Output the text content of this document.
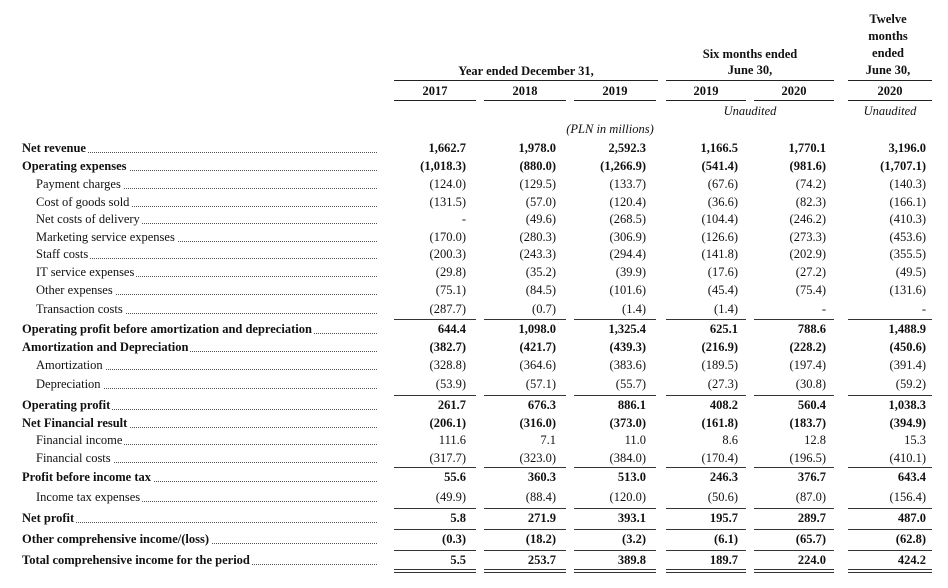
Year ended December 31,
Six months ended
June 30,
Twelve
months
ended
June 30,
2017	2018	2019	2019	2020	2020
Unaudited	Unaudited
(PLN in millions)
Net revenue	1,662.7	1,978.0	2,592.3	1,166.5	1,770.1	3,196.0
Operating expenses	(1,018.3)	(880.0)	(1,266.9)	(541.4)	(981.6)	(1,707.1)
Payment charges	(124.0)	(129.5)	(133.7)	(67.6)	(74.2)	(140.3)
Cost of goods sold	(131.5)	(57.0)	(120.4)	(36.6)	(82.3)	(166.1)
Net costs of delivery	-	(49.6)	(268.5)	(104.4)	(246.2)	(410.3)
Marketing service expenses	(170.0)	(280.3)	(306.9)	(126.6)	(273.3)	(453.6)
Staff costs	(200.3)	(243.3)	(294.4)	(141.8)	(202.9)	(355.5)
IT service expenses	(29.8)	(35.2)	(39.9)	(17.6)	(27.2)	(49.5)
Other expenses	(75.1)	(84.5)	(101.6)	(45.4)	(75.4)	(131.6)
Transaction costs	(287.7)	(0.7)	(1.4)	(1.4)	-	-
Operating profit before amortization and depreciation	644.4	1,098.0	1,325.4	625.1	788.6	1,488.9
Amortization and Depreciation	(382.7)	(421.7)	(439.3)	(216.9)	(228.2)	(450.6)
Amortization	(328.8)	(364.6)	(383.6)	(189.5)	(197.4)	(391.4)
Depreciation	(53.9)	(57.1)	(55.7)	(27.3)	(30.8)	(59.2)
Operating profit	261.7	676.3	886.1	408.2	560.4	1,038.3
Net Financial result	(206.1)	(316.0)	(373.0)	(161.8)	(183.7)	(394.9)
Financial income	111.6	7.1	11.0	8.6	12.8	15.3
Financial costs	(317.7)	(323.0)	(384.0)	(170.4)	(196.5)	(410.1)
Profit before income tax	55.6	360.3	513.0	246.3	376.7	643.4
Income tax expenses	(49.9)	(88.4)	(120.0)	(50.6)	(87.0)	(156.4)
Net profit	5.8	271.9	393.1	195.7	289.7	487.0
Other comprehensive income/(loss)	(0.3)	(18.2)	(3.2)	(6.1)	(65.7)	(62.8)
Total comprehensive income for the period	5.5	253.7	389.8	189.7	224.0	424.2
